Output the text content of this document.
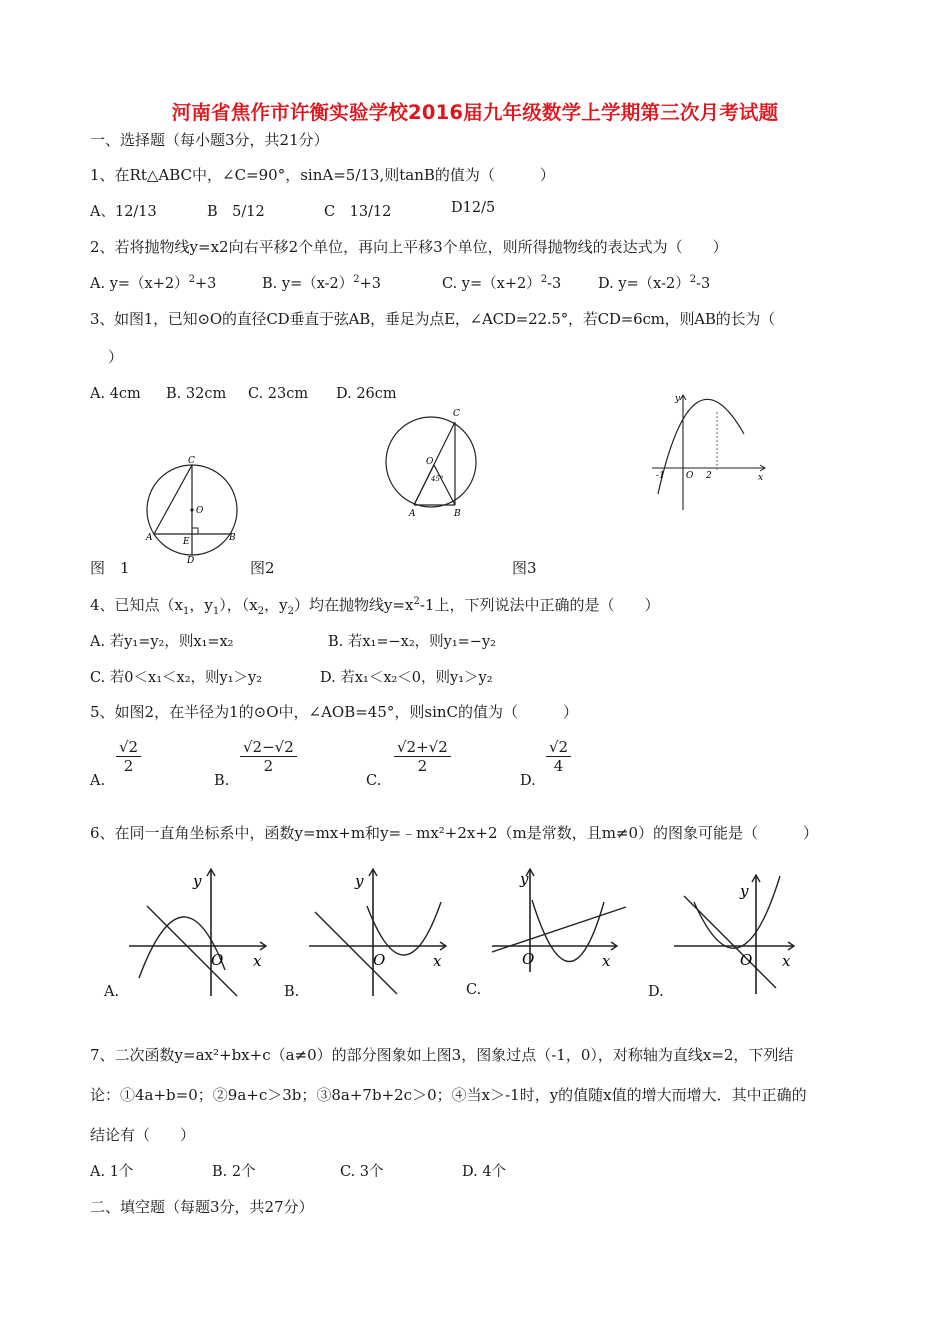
河南省焦作市许衡实验学校2016届九年级数学上学期第三次月考试题
一、选择题（每小题3分，共21分）
1、在Rt△ABC中，∠C=90°，sinA=5/13,则tanB的值为（　　　）
A、12/13	B　5/12	C　13/12	D12/5
2、若将抛物线y=x2向右平移2个单位，再向上平移3个单位，则所得抛物线的表达式为（　　）
A. $y=(x+2)^2+3$	B. $y=(x-2)^2+3$	C. $y=(x+2)^2-3$	D. $y=(x-2)^2-3$
3、如图1，已知⊙O的直径CD垂直于弦AB，垂足为点E，∠ACD=22.5°，若CD=6cm，则AB的长为（
）
A. 4cm B. 32cm C. 23cm D. 26cm
C
O
A	E	B
D
C
O
45°
A	B
y
x
-1 O 2
图　1	图2	图3
4、已知点（$x_1$，$y_1$），（$x_2$，$y_2$）均在抛物线$y=x^2-1$上，下列说法中正确的是（　　）
A. 若y₁=y₂，则x₁=x₂	B. 若x₁=−x₂，则y₁=−y₂
C. 若0＜x₁＜x₂，则y₁＞y₂	D. 若x₁＜x₂＜0，则y₁＞y₂
5、如图2，在半径为1的⊙O中，∠AOB=45°，则sinC的值为（　　　）
A.
$\frac{√2}{2}$
B.
$\frac{√2-√2}{2}$
C.
$\frac{√2+√2}{2}$
D.
$\frac{√2}{4}$
6、在同一直角坐标系中，函数y=mx+m和y=﹣mx²+2x+2（m是常数，且m≠0）的图象可能是（　　　）
y
x
O
A.
y
x
O
B.
y
x
O
C.
y
x
O
D.
7、二次函数y=ax²+bx+c（a≠0）的部分图象如上图3，图象过点（-1，0），对称轴为直线x=2，下列结
论：①4a+b=0；②9a+c＞3b；③8a+7b+2c＞0；④当x＞-1时，y的值随x值的增大而增大．其中正确的
结论有（　　）
A. 1个	B. 2个	C. 3个	D. 4个
二、填空题（每题3分，共27分）
